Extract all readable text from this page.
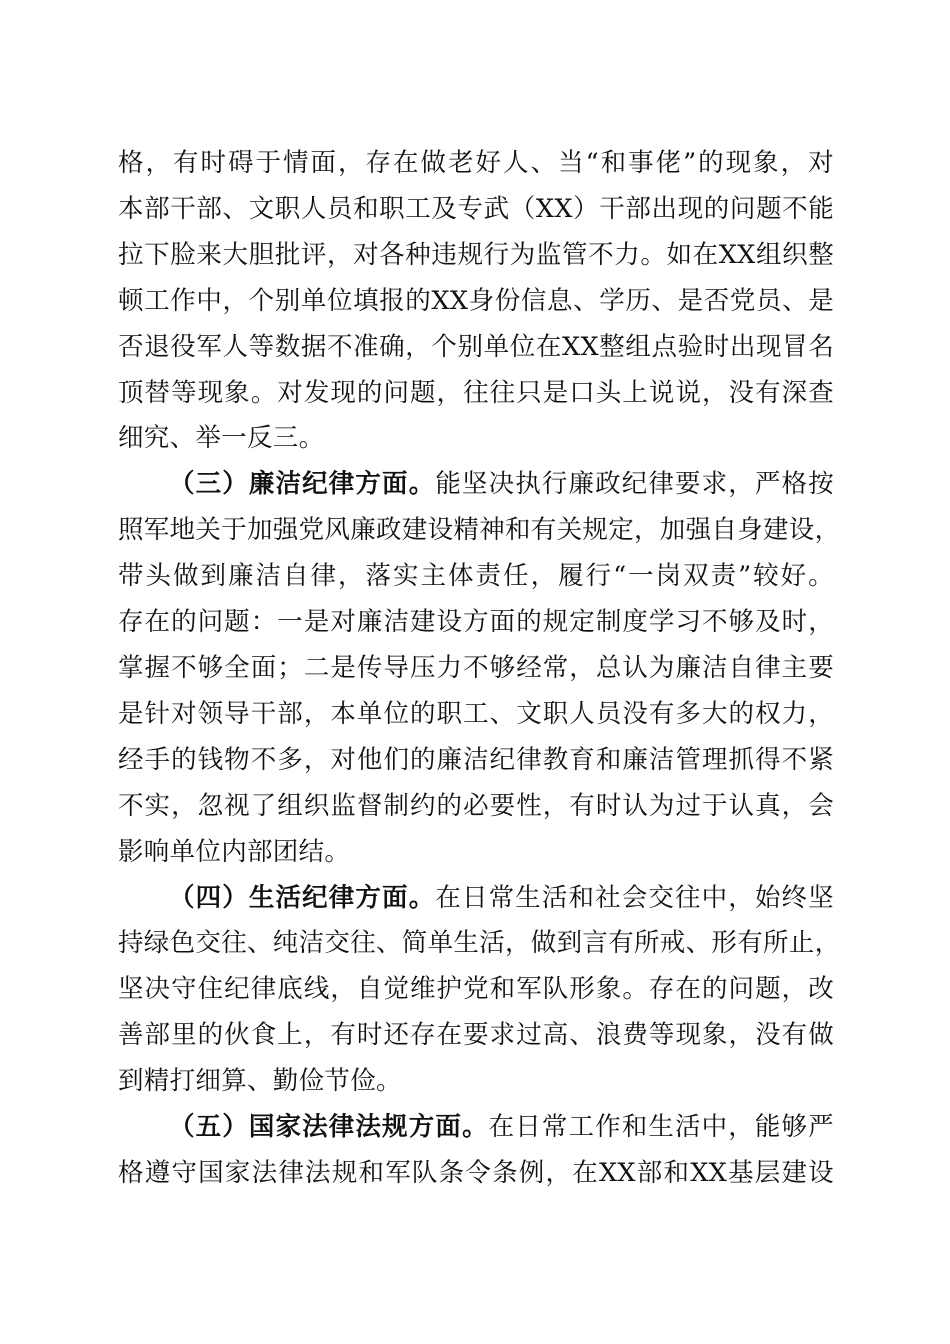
格，有时碍于情面，存在做老好人、当“和事佬”的现象，对
本部干部、文职人员和职工及专武（XX）干部出现的问题不能
拉下脸来大胆批评，对各种违规行为监管不力。如在XX组织整
顿工作中，个别单位填报的XX身份信息、学历、是否党员、是
否退役军人等数据不准确，个别单位在XX整组点验时出现冒名
顶替等现象。对发现的问题，往往只是口头上说说，没有深查
细究、举一反三。

（三）廉洁纪律方面。能坚决执行廉政纪律要求，严格按
照军地关于加强党风廉政建设精神和有关规定，加强自身建设，
带头做到廉洁自律，落实主体责任，履行“一岗双责”较好。
存在的问题：一是对廉洁建设方面的规定制度学习不够及时，
掌握不够全面；二是传导压力不够经常，总认为廉洁自律主要
是针对领导干部，本单位的职工、文职人员没有多大的权力，
经手的钱物不多，对他们的廉洁纪律教育和廉洁管理抓得不紧
不实，忽视了组织监督制约的必要性，有时认为过于认真，会
影响单位内部团结。

（四）生活纪律方面。在日常生活和社会交往中，始终坚
持绿色交往、纯洁交往、简单生活，做到言有所戒、形有所止，
坚决守住纪律底线，自觉维护党和军队形象。存在的问题，改
善部里的伙食上，有时还存在要求过高、浪费等现象，没有做
到精打细算、勤俭节俭。

（五）国家法律法规方面。在日常工作和生活中，能够严
格遵守国家法律法规和军队条令条例，在XX部和XX基层建设
